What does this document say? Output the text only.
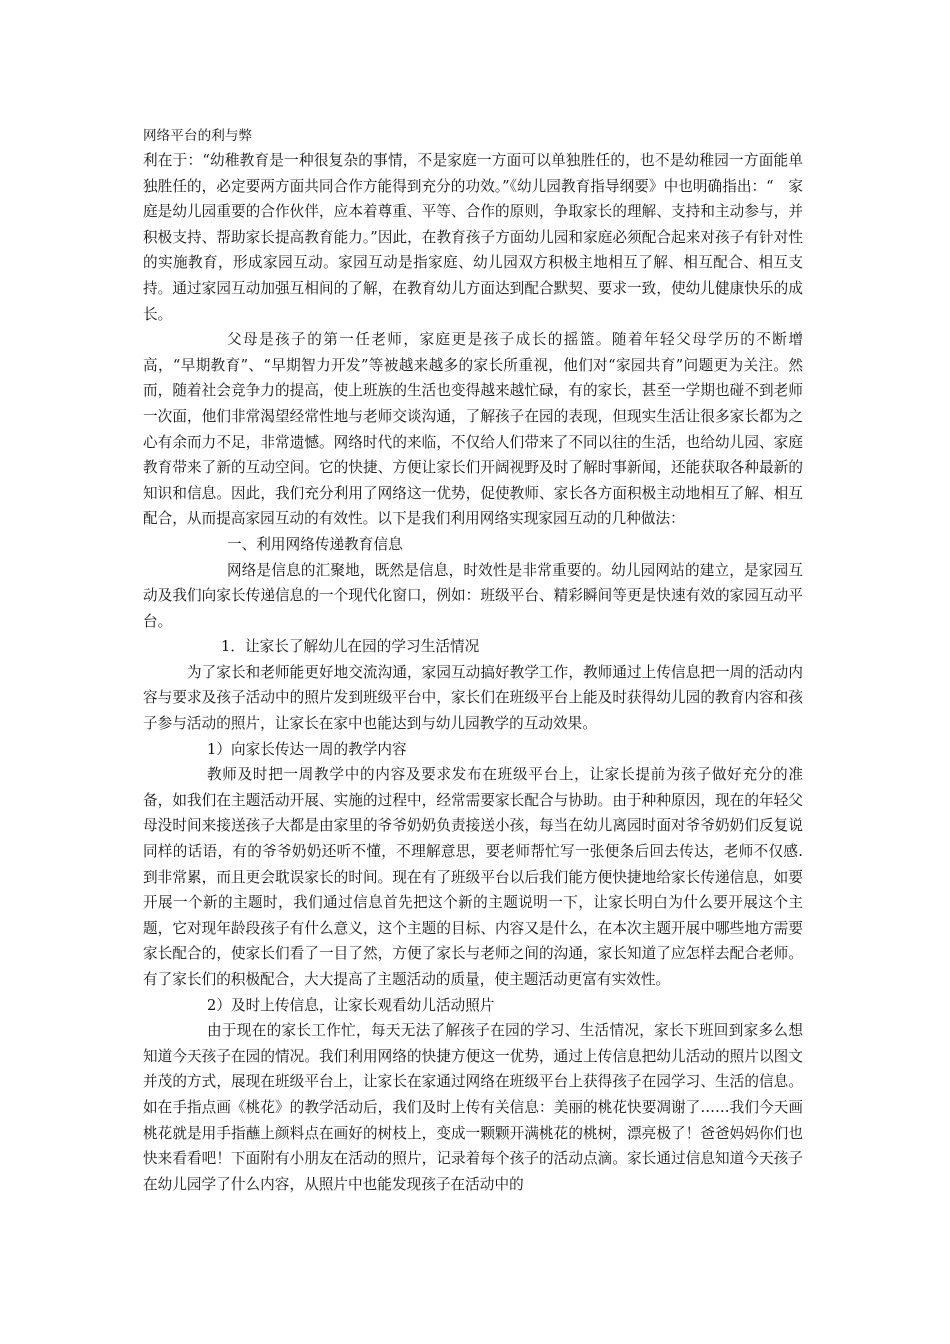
网络平台的利与弊

利在于：“幼稚教育是一种很复杂的事情，不是家庭一方面可以单独胜任的，也不是幼稚园一方面能单独胜任的，必定要两方面共同合作方能得到充分的功效。”《幼儿园教育指导纲要》中也明确指出：“　家庭是幼儿园重要的合作伙伴，应本着尊重、平等、合作的原则，争取家长的理解、支持和主动参与，并积极支持、帮助家长提高教育能力。”因此，在教育孩子方面幼儿园和家庭必须配合起来对孩子有针对性的实施教育，形成家园互动。家园互动是指家庭、幼儿园双方积极主地相互了解、相互配合、相互支持。通过家园互动加强互相间的了解，在教育幼儿方面达到配合默契、要求一致，使幼儿健康快乐的成长。

父母是孩子的第一任老师，家庭更是孩子成长的摇篮。随着年轻父母学历的不断增高，“早期教育”、“早期智力开发”等被越来越多的家长所重视，他们对“家园共育”问题更为关注。然而，随着社会竞争力的提高，使上班族的生活也变得越来越忙碌，有的家长，甚至一学期也碰不到老师一次面，他们非常渴望经常性地与老师交谈沟通，了解孩子在园的表现，但现实生活让很多家长都为之心有余而力不足，非常遗憾。网络时代的来临，不仅给人们带来了不同以往的生活，也给幼儿园、家庭教育带来了新的互动空间。它的快捷、方便让家长们开阔视野及时了解时事新闻，还能获取各种最新的知识和信息。因此，我们充分利用了网络这一优势，促使教师、家长各方面积极主动地相互了解、相互配合，从而提高家园互动的有效性。以下是我们利用网络实现家园互动的几种做法：

一、利用网络传递教育信息

网络是信息的汇聚地，既然是信息，时效性是非常重要的。幼儿园网站的建立，是家园互动及我们向家长传递信息的一个现代化窗口，例如：班级平台、精彩瞬间等更是快速有效的家园互动平台。

1．让家长了解幼儿在园的学习生活情况

为了家长和老师能更好地交流沟通，家园互动搞好教学工作，教师通过上传信息把一周的活动内容与要求及孩子活动中的照片发到班级平台中，家长们在班级平台上能及时获得幼儿园的教育内容和孩子参与活动的照片，让家长在家中也能达到与幼儿园教学的互动效果。

1）向家长传达一周的教学内容

教师及时把一周教学中的内容及要求发布在班级平台上，让家长提前为孩子做好充分的准备，如我们在主题活动开展、实施的过程中，经常需要家长配合与协助。由于种种原因，现在的年轻父母没时间来接送孩子大都是由家里的爷爷奶奶负责接送小孩，每当在幼儿离园时面对爷爷奶奶们反复说同样的话语，有的爷爷奶奶还听不懂，不理解意思，要老师帮忙写一张便条后回去传达，老师不仅感.到非常累，而且更会耽误家长的时间。现在有了班级平台以后我们能方便快捷地给家长传递信息，如要开展一个新的主题时，我们通过信息首先把这个新的主题说明一下，让家长明白为什么要开展这个主题，它对现年龄段孩子有什么意义，这个主题的目标、内容又是什么，在本次主题开展中哪些地方需要家长配合的，使家长们看了一目了然，方便了家长与老师之间的沟通，家长知道了应怎样去配合老师。有了家长们的积极配合，大大提高了主题活动的质量，使主题活动更富有实效性。

2）及时上传信息，让家长观看幼儿活动照片

由于现在的家长工作忙，每天无法了解孩子在园的学习、生活情况，家长下班回到家多么想知道今天孩子在园的情况。我们利用网络的快捷方便这一优势，通过上传信息把幼儿活动的照片以图文并茂的方式，展现在班级平台上，让家长在家通过网络在班级平台上获得孩子在园学习、生活的信息。如在手指点画《桃花》的教学活动后，我们及时上传有关信息：美丽的桃花快要凋谢了……我们今天画桃花就是用手指蘸上颜料点在画好的树枝上，变成一颗颗开满桃花的桃树，漂亮极了！爸爸妈妈你们也快来看看吧！下面附有小朋友在活动的照片，记录着每个孩子的活动点滴。家长通过信息知道今天孩子在幼儿园学了什么内容，从照片中也能发现孩子在活动中的
